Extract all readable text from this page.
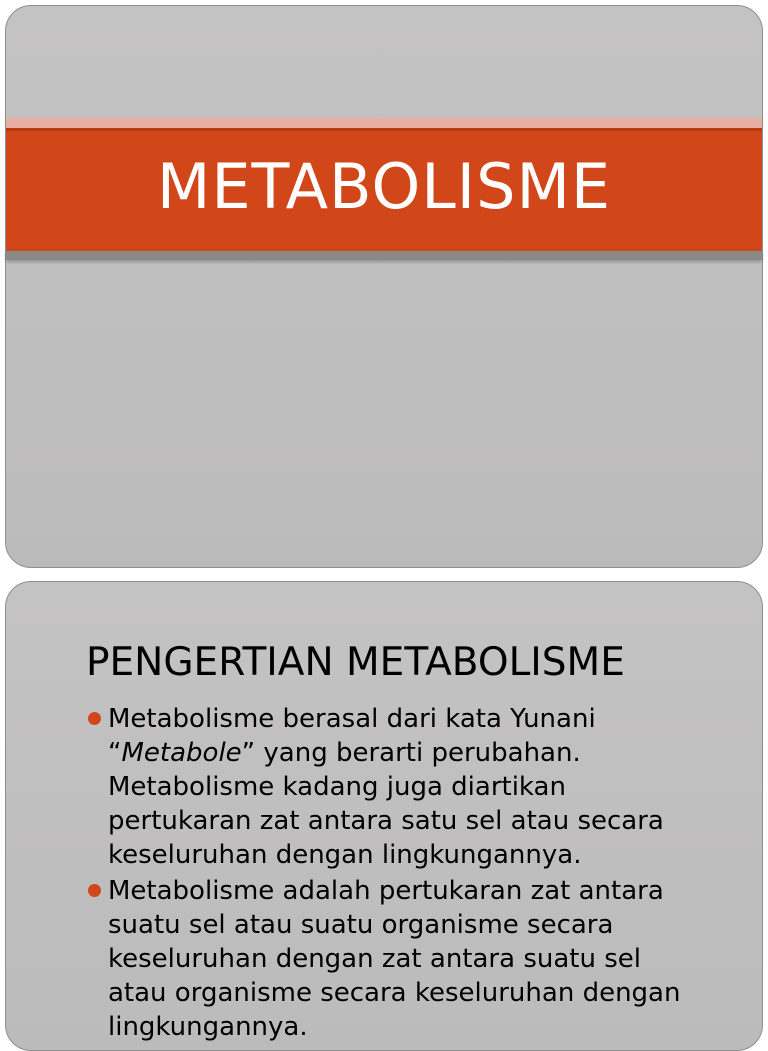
METABOLISME
PENGERTIAN METABOLISME
Metabolisme berasal dari kata Yunani
“Metabole” yang berarti perubahan.
Metabolisme kadang juga diartikan
pertukaran zat antara satu sel atau secara
keseluruhan dengan lingkungannya.
Metabolisme adalah pertukaran zat antara
suatu sel atau suatu organisme secara
keseluruhan dengan zat antara suatu sel
atau organisme secara keseluruhan dengan
lingkungannya.
